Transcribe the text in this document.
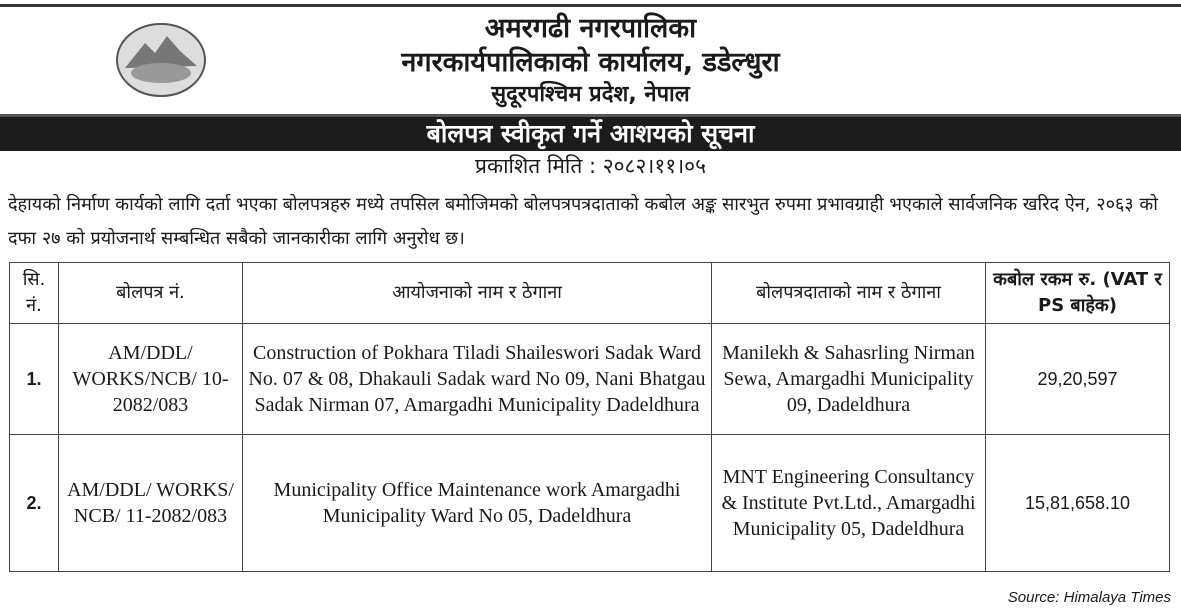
अमरगढी नगरपालिका
नगरकार्यपालिकाको कार्यालय, डडेल्धुरा
सुदूरपश्चिम प्रदेश, नेपाल
बोलपत्र स्वीकृत गर्ने आशयको सूचना
प्रकाशित मिति : २०८२।११।०५
देहायको निर्माण कार्यको लागि दर्ता भएका बोलपत्रहरु मध्ये तपसिल बमोजिमको बोलपत्रपत्रदाताको कबोल अङ्क सारभुत रुपमा प्रभावग्राही भएकाले सार्वजनिक खरिद ऐन, २०६३ को दफा २७ को प्रयोजनार्थ सम्बन्धित सबैको जानकारीका लागि अनुरोध छ।
सि. नं.	बोलपत्र नं.	आयोजनाको नाम र ठेगाना	बोलपत्रदाताको नाम र ठेगाना	कबोल रकम रु. (VAT र PS बाहेक)
1.	AM/DDL/ WORKS/NCB/ 10-2082/083	Construction of Pokhara Tiladi Shaileswori Sadak Ward No. 07 & 08, Dhakauli Sadak ward No 09, Nani Bhatgau Sadak Nirman 07, Amargadhi Municipality Dadeldhura	Manilekh & Sahasrling Nirman Sewa, Amargadhi Municipality 09, Dadeldhura	29,20,597
2.	AM/DDL/ WORKS/ NCB/ 11-2082/083	Municipality Office Maintenance work Amargadhi Municipality Ward No 05, Dadeldhura	MNT Engineering Consultancy & Institute Pvt.Ltd., Amargadhi Municipality 05, Dadeldhura	15,81,658.10
Source: Himalaya Times
